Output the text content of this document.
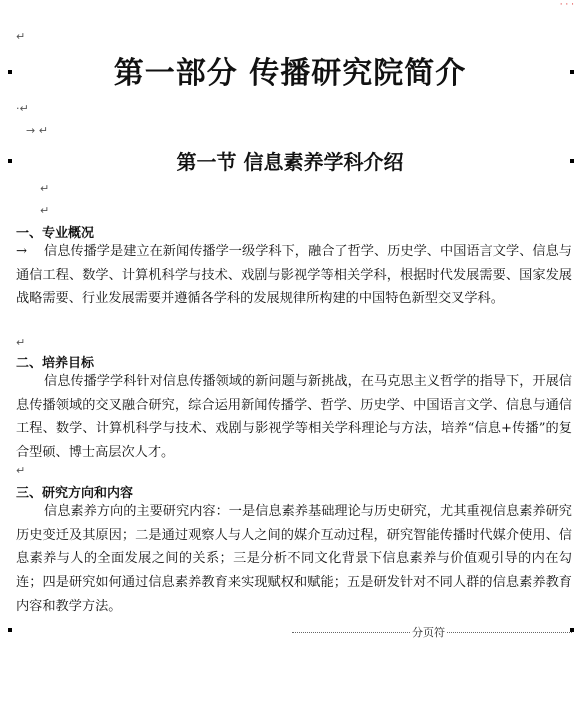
· · ·
↵
·↵
→ ↵
↵
↵
↵
↵
第一部分 传播研究院简介
第一节 信息素养学科介绍
一、专业概况
→ 信息传播学是建立在新闻传播学一级学科下，融合了哲学、历史学、中国语言文学、信息与通信工程、数学、计算机科学与技术、戏剧与影视学等相关学科，根据时代发展需要、国家发展战略需要、行业发展需要并遵循各学科的发展规律所构建的中国特色新型交叉学科。
二、培养目标
信息传播学学科针对信息传播领域的新问题与新挑战，在马克思主义哲学的指导下，开展信息传播领域的交叉融合研究，综合运用新闻传播学、哲学、历史学、中国语言文学、信息与通信工程、数学、计算机科学与技术、戏剧与影视学等相关学科理论与方法，培养“信息+传播”的复合型硕、博士高层次人才。
三、研究方向和内容
信息素养方向的主要研究内容：一是信息素养基础理论与历史研究，尤其重视信息素养研究历史变迁及其原因；二是通过观察人与人之间的媒介互动过程，研究智能传播时代媒介使用、信息素养与人的全面发展之间的关系；三是分析不同文化背景下信息素养与价值观引导的内在勾连；四是研究如何通过信息素养教育来实现赋权和赋能；五是研发针对不同人群的信息素养教育内容和教学方法。
分页符
